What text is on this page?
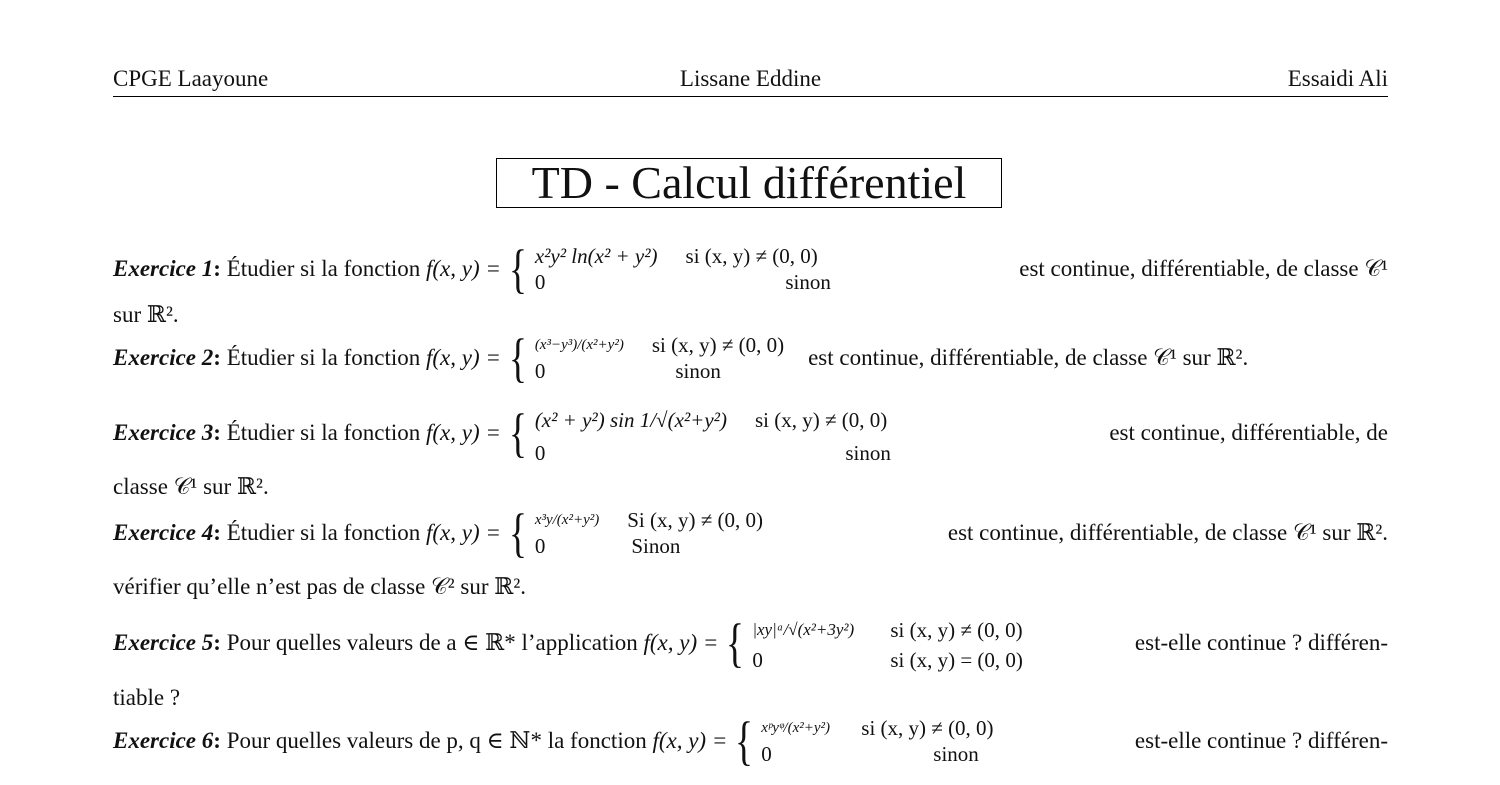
CPGE Laayoune	Lissane Eddine	Essaidi Ali
TD - Calcul différentiel
Exercice 1 :
Étudier si la fonction
f(x, y) = { x²y² ln(x² + y²) si (x, y) ≠ (0, 0)
0	sinon
est continue, différentiable, de classe 𝒞¹
sur ℝ².
Exercice 2 :
Étudier si la fonction
f(x, y) = { (x³−y³)/(x²+y²) si (x, y) ≠ (0, 0)
0	sinon
est continue, différentiable, de classe 𝒞¹ sur ℝ².
Exercice 3 :
Étudier si la fonction
f(x, y) = { (x² + y²) sin 1/√(x²+y²) si (x, y) ≠ (0, 0)
0	sinon
est continue, différentiable, de
classe 𝒞¹ sur ℝ².
Exercice 4 :
Étudier si la fonction
f(x, y) = { x³y/(x²+y²) Si (x, y) ≠ (0, 0)
0	Sinon
est continue, différentiable, de classe 𝒞¹ sur ℝ².
vérifier qu’elle n’est pas de classe 𝒞² sur ℝ².
Exercice 5 :
Pour quelles valeurs de a ∈ ℝ* l’application
f(x, y) = { |xy|ᵃ/√(x²+3y²)	si (x, y) ≠ (0, 0)
0	si (x, y) = (0, 0)
est-elle continue ? différen-
tiable ?
Exercice 6 :
Pour quelles valeurs de p, q ∈ ℕ* la fonction
f(x, y) = { xᵖyᵠ/(x²+y²) si (x, y) ≠ (0, 0)
0	sinon
est-elle continue ? différen-
